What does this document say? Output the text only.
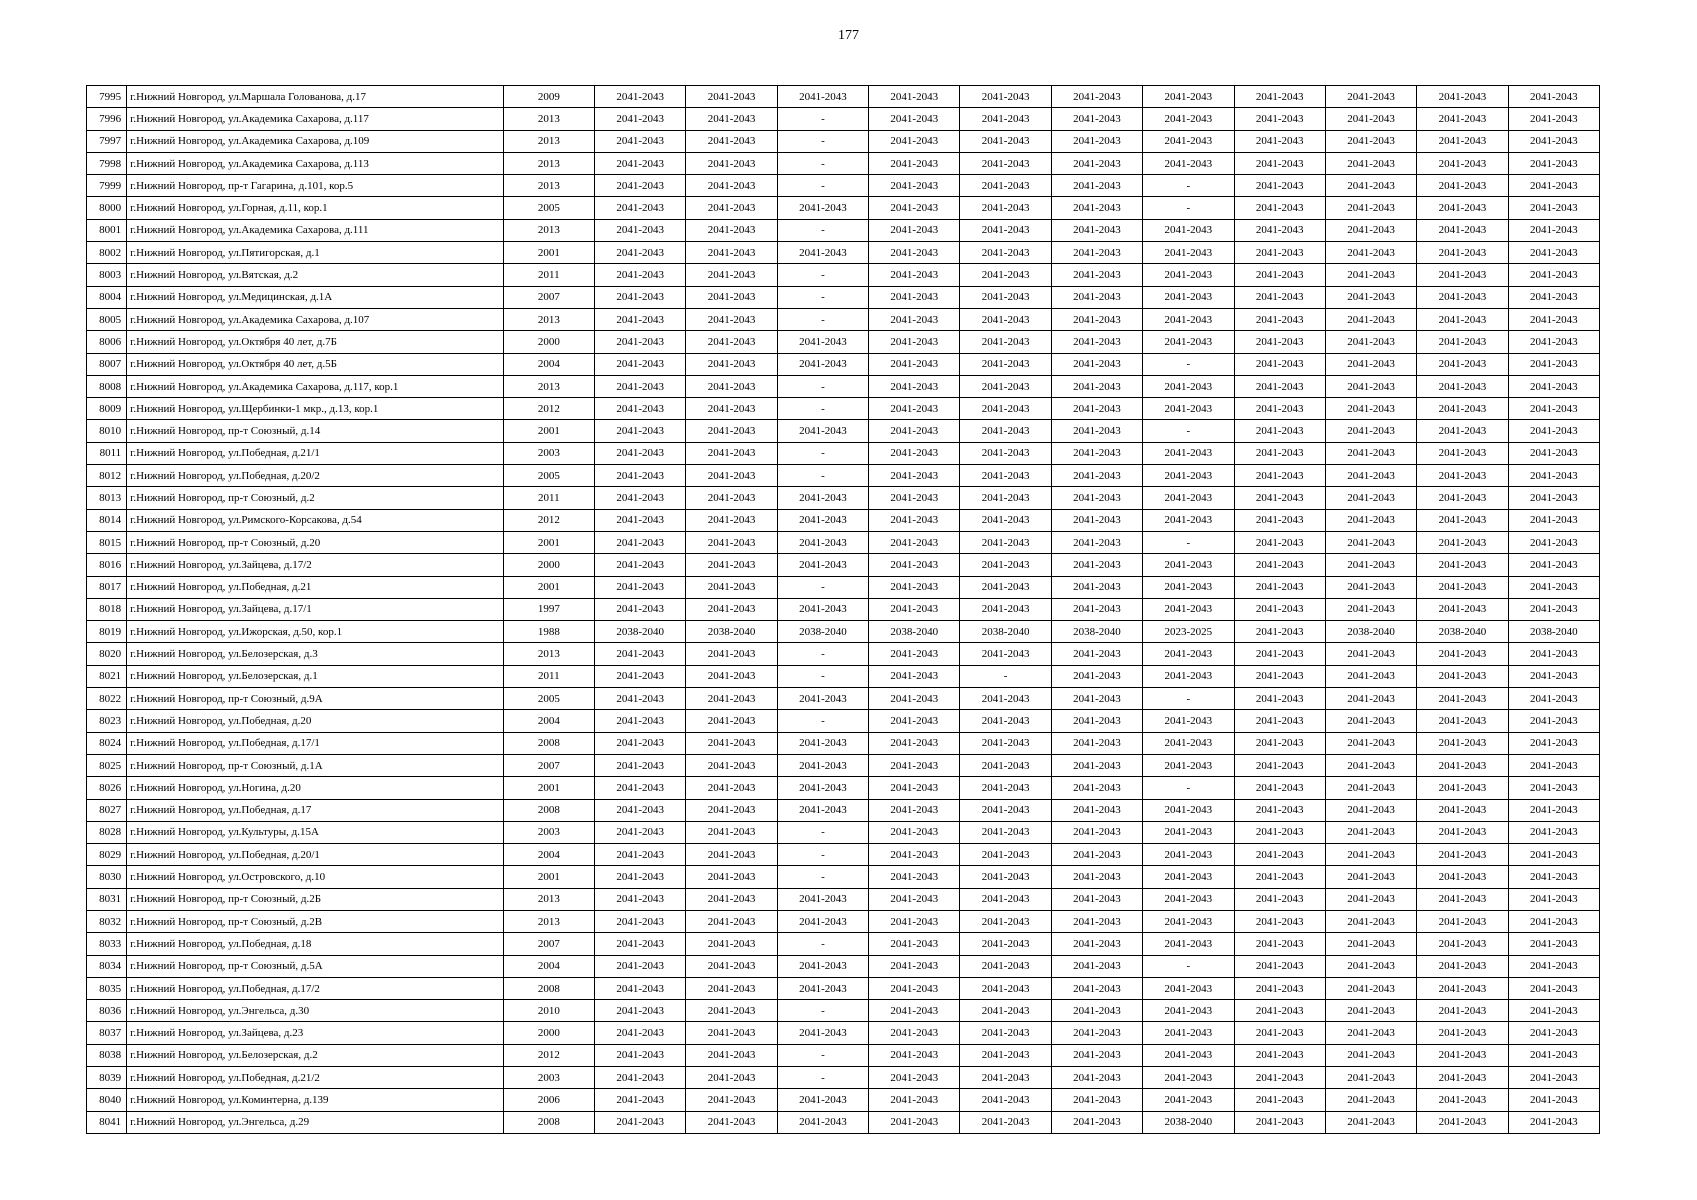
177
7995	г.Нижний Новгород, ул.Маршала Голованова, д.17	2009	2041-2043	2041-2043	2041-2043	2041-2043	2041-2043	2041-2043	2041-2043	2041-2043	2041-2043	2041-2043	2041-2043
7996	г.Нижний Новгород, ул.Академика Сахарова, д.117	2013	2041-2043	2041-2043	-	2041-2043	2041-2043	2041-2043	2041-2043	2041-2043	2041-2043	2041-2043	2041-2043
7997	г.Нижний Новгород, ул.Академика Сахарова, д.109	2013	2041-2043	2041-2043	-	2041-2043	2041-2043	2041-2043	2041-2043	2041-2043	2041-2043	2041-2043	2041-2043
7998	г.Нижний Новгород, ул.Академика Сахарова, д.113	2013	2041-2043	2041-2043	-	2041-2043	2041-2043	2041-2043	2041-2043	2041-2043	2041-2043	2041-2043	2041-2043
7999	г.Нижний Новгород, пр-т Гагарина, д.101, кор.5	2013	2041-2043	2041-2043	-	2041-2043	2041-2043	2041-2043	-	2041-2043	2041-2043	2041-2043	2041-2043
8000	г.Нижний Новгород, ул.Горная, д.11, кор.1	2005	2041-2043	2041-2043	2041-2043	2041-2043	2041-2043	2041-2043	-	2041-2043	2041-2043	2041-2043	2041-2043
8001	г.Нижний Новгород, ул.Академика Сахарова, д.111	2013	2041-2043	2041-2043	-	2041-2043	2041-2043	2041-2043	2041-2043	2041-2043	2041-2043	2041-2043	2041-2043
8002	г.Нижний Новгород, ул.Пятигорская, д.1	2001	2041-2043	2041-2043	2041-2043	2041-2043	2041-2043	2041-2043	2041-2043	2041-2043	2041-2043	2041-2043	2041-2043
8003	г.Нижний Новгород, ул.Вятская, д.2	2011	2041-2043	2041-2043	-	2041-2043	2041-2043	2041-2043	2041-2043	2041-2043	2041-2043	2041-2043	2041-2043
8004	г.Нижний Новгород, ул.Медицинская, д.1А	2007	2041-2043	2041-2043	-	2041-2043	2041-2043	2041-2043	2041-2043	2041-2043	2041-2043	2041-2043	2041-2043
8005	г.Нижний Новгород, ул.Академика Сахарова, д.107	2013	2041-2043	2041-2043	-	2041-2043	2041-2043	2041-2043	2041-2043	2041-2043	2041-2043	2041-2043	2041-2043
8006	г.Нижний Новгород, ул.Октября 40 лет, д.7Б	2000	2041-2043	2041-2043	2041-2043	2041-2043	2041-2043	2041-2043	2041-2043	2041-2043	2041-2043	2041-2043	2041-2043
8007	г.Нижний Новгород, ул.Октября 40 лет, д.5Б	2004	2041-2043	2041-2043	2041-2043	2041-2043	2041-2043	2041-2043	-	2041-2043	2041-2043	2041-2043	2041-2043
8008	г.Нижний Новгород, ул.Академика Сахарова, д.117, кор.1	2013	2041-2043	2041-2043	-	2041-2043	2041-2043	2041-2043	2041-2043	2041-2043	2041-2043	2041-2043	2041-2043
8009	г.Нижний Новгород, ул.Щербинки-1 мкр., д.13, кор.1	2012	2041-2043	2041-2043	-	2041-2043	2041-2043	2041-2043	2041-2043	2041-2043	2041-2043	2041-2043	2041-2043
8010	г.Нижний Новгород, пр-т Союзный, д.14	2001	2041-2043	2041-2043	2041-2043	2041-2043	2041-2043	2041-2043	-	2041-2043	2041-2043	2041-2043	2041-2043
8011	г.Нижний Новгород, ул.Победная, д.21/1	2003	2041-2043	2041-2043	-	2041-2043	2041-2043	2041-2043	2041-2043	2041-2043	2041-2043	2041-2043	2041-2043
8012	г.Нижний Новгород, ул.Победная, д.20/2	2005	2041-2043	2041-2043	-	2041-2043	2041-2043	2041-2043	2041-2043	2041-2043	2041-2043	2041-2043	2041-2043
8013	г.Нижний Новгород, пр-т Союзный, д.2	2011	2041-2043	2041-2043	2041-2043	2041-2043	2041-2043	2041-2043	2041-2043	2041-2043	2041-2043	2041-2043	2041-2043
8014	г.Нижний Новгород, ул.Римского-Корсакова, д.54	2012	2041-2043	2041-2043	2041-2043	2041-2043	2041-2043	2041-2043	2041-2043	2041-2043	2041-2043	2041-2043	2041-2043
8015	г.Нижний Новгород, пр-т Союзный, д.20	2001	2041-2043	2041-2043	2041-2043	2041-2043	2041-2043	2041-2043	-	2041-2043	2041-2043	2041-2043	2041-2043
8016	г.Нижний Новгород, ул.Зайцева, д.17/2	2000	2041-2043	2041-2043	2041-2043	2041-2043	2041-2043	2041-2043	2041-2043	2041-2043	2041-2043	2041-2043	2041-2043
8017	г.Нижний Новгород, ул.Победная, д.21	2001	2041-2043	2041-2043	-	2041-2043	2041-2043	2041-2043	2041-2043	2041-2043	2041-2043	2041-2043	2041-2043
8018	г.Нижний Новгород, ул.Зайцева, д.17/1	1997	2041-2043	2041-2043	2041-2043	2041-2043	2041-2043	2041-2043	2041-2043	2041-2043	2041-2043	2041-2043	2041-2043
8019	г.Нижний Новгород, ул.Ижорская, д.50, кор.1	1988	2038-2040	2038-2040	2038-2040	2038-2040	2038-2040	2038-2040	2023-2025	2041-2043	2038-2040	2038-2040	2038-2040
8020	г.Нижний Новгород, ул.Белозерская, д.3	2013	2041-2043	2041-2043	-	2041-2043	2041-2043	2041-2043	2041-2043	2041-2043	2041-2043	2041-2043	2041-2043
8021	г.Нижний Новгород, ул.Белозерская, д.1	2011	2041-2043	2041-2043	-	2041-2043	-	2041-2043	2041-2043	2041-2043	2041-2043	2041-2043	2041-2043
8022	г.Нижний Новгород, пр-т Союзный, д.9А	2005	2041-2043	2041-2043	2041-2043	2041-2043	2041-2043	2041-2043	-	2041-2043	2041-2043	2041-2043	2041-2043
8023	г.Нижний Новгород, ул.Победная, д.20	2004	2041-2043	2041-2043	-	2041-2043	2041-2043	2041-2043	2041-2043	2041-2043	2041-2043	2041-2043	2041-2043
8024	г.Нижний Новгород, ул.Победная, д.17/1	2008	2041-2043	2041-2043	2041-2043	2041-2043	2041-2043	2041-2043	2041-2043	2041-2043	2041-2043	2041-2043	2041-2043
8025	г.Нижний Новгород, пр-т Союзный, д.1А	2007	2041-2043	2041-2043	2041-2043	2041-2043	2041-2043	2041-2043	2041-2043	2041-2043	2041-2043	2041-2043	2041-2043
8026	г.Нижний Новгород, ул.Ногина, д.20	2001	2041-2043	2041-2043	2041-2043	2041-2043	2041-2043	2041-2043	-	2041-2043	2041-2043	2041-2043	2041-2043
8027	г.Нижний Новгород, ул.Победная, д.17	2008	2041-2043	2041-2043	2041-2043	2041-2043	2041-2043	2041-2043	2041-2043	2041-2043	2041-2043	2041-2043	2041-2043
8028	г.Нижний Новгород, ул.Культуры, д.15А	2003	2041-2043	2041-2043	-	2041-2043	2041-2043	2041-2043	2041-2043	2041-2043	2041-2043	2041-2043	2041-2043
8029	г.Нижний Новгород, ул.Победная, д.20/1	2004	2041-2043	2041-2043	-	2041-2043	2041-2043	2041-2043	2041-2043	2041-2043	2041-2043	2041-2043	2041-2043
8030	г.Нижний Новгород, ул.Островского, д.10	2001	2041-2043	2041-2043	-	2041-2043	2041-2043	2041-2043	2041-2043	2041-2043	2041-2043	2041-2043	2041-2043
8031	г.Нижний Новгород, пр-т Союзный, д.2Б	2013	2041-2043	2041-2043	2041-2043	2041-2043	2041-2043	2041-2043	2041-2043	2041-2043	2041-2043	2041-2043	2041-2043
8032	г.Нижний Новгород, пр-т Союзный, д.2В	2013	2041-2043	2041-2043	2041-2043	2041-2043	2041-2043	2041-2043	2041-2043	2041-2043	2041-2043	2041-2043	2041-2043
8033	г.Нижний Новгород, ул.Победная, д.18	2007	2041-2043	2041-2043	-	2041-2043	2041-2043	2041-2043	2041-2043	2041-2043	2041-2043	2041-2043	2041-2043
8034	г.Нижний Новгород, пр-т Союзный, д.5А	2004	2041-2043	2041-2043	2041-2043	2041-2043	2041-2043	2041-2043	-	2041-2043	2041-2043	2041-2043	2041-2043
8035	г.Нижний Новгород, ул.Победная, д.17/2	2008	2041-2043	2041-2043	2041-2043	2041-2043	2041-2043	2041-2043	2041-2043	2041-2043	2041-2043	2041-2043	2041-2043
8036	г.Нижний Новгород, ул.Энгельса, д.30	2010	2041-2043	2041-2043	-	2041-2043	2041-2043	2041-2043	2041-2043	2041-2043	2041-2043	2041-2043	2041-2043
8037	г.Нижний Новгород, ул.Зайцева, д.23	2000	2041-2043	2041-2043	2041-2043	2041-2043	2041-2043	2041-2043	2041-2043	2041-2043	2041-2043	2041-2043	2041-2043
8038	г.Нижний Новгород, ул.Белозерская, д.2	2012	2041-2043	2041-2043	-	2041-2043	2041-2043	2041-2043	2041-2043	2041-2043	2041-2043	2041-2043	2041-2043
8039	г.Нижний Новгород, ул.Победная, д.21/2	2003	2041-2043	2041-2043	-	2041-2043	2041-2043	2041-2043	2041-2043	2041-2043	2041-2043	2041-2043	2041-2043
8040	г.Нижний Новгород, ул.Коминтерна, д.139	2006	2041-2043	2041-2043	2041-2043	2041-2043	2041-2043	2041-2043	2041-2043	2041-2043	2041-2043	2041-2043	2041-2043
8041	г.Нижний Новгород, ул.Энгельса, д.29	2008	2041-2043	2041-2043	2041-2043	2041-2043	2041-2043	2041-2043	2038-2040	2041-2043	2041-2043	2041-2043	2041-2043
